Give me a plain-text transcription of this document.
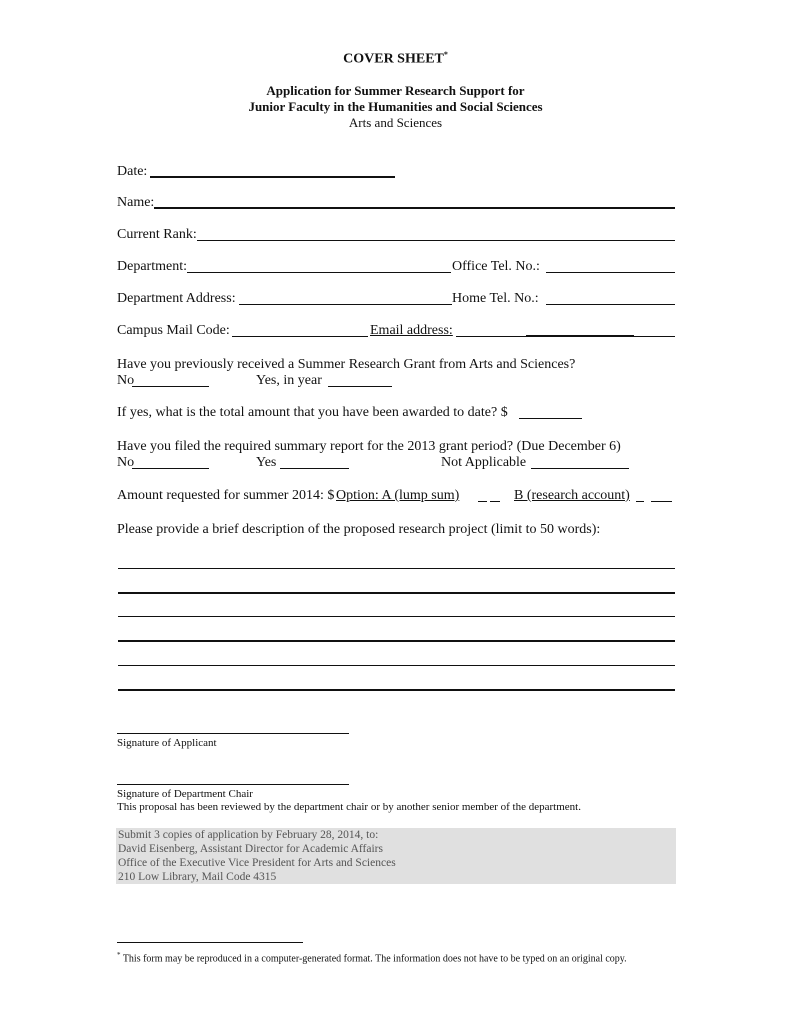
COVER SHEET*
Application for Summer Research Support for
Junior Faculty in the Humanities and Social Sciences
Arts and Sciences
Date:
Name:
Current Rank:
Department:	Office Tel. No.:
Department Address:	Home Tel. No.:
Campus Mail Code:	Email address:
Have you previously received a Summer Research Grant from Arts and Sciences?
No	Yes, in year
If yes, what is the total amount that you have been awarded to date? $
Have you filed the required summary report for the 2013 grant period? (Due December 6)
No	Yes	Not Applicable
Amount requested for summer 2014: $ Option: A (lump sum)	B (research account)
Please provide a brief description of the proposed research project (limit to 50 words):
Signature of Applicant
Signature of Department Chair
This proposal has been reviewed by the department chair or by another senior member of the department.
Submit 3 copies of application by February 28, 2014, to:
David Eisenberg, Assistant Director for Academic Affairs
Office of the Executive Vice President for Arts and Sciences
210 Low Library, Mail Code 4315
* This form may be reproduced in a computer-generated format. The information does not have to be typed on an original copy.
